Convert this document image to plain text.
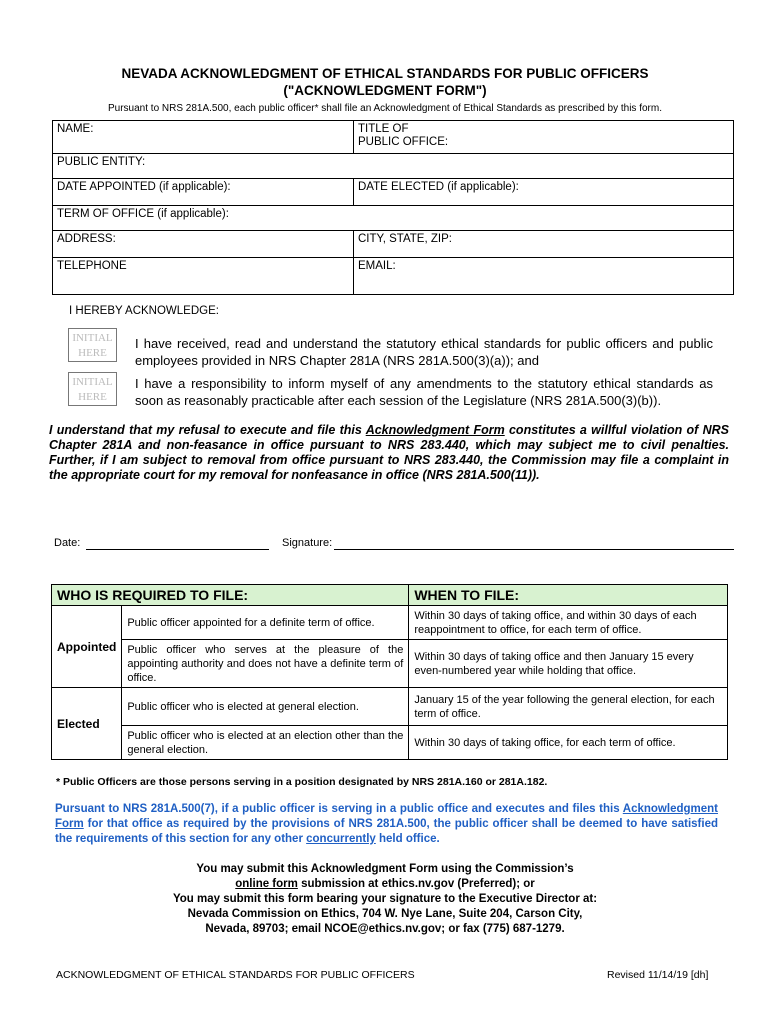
NEVADA ACKNOWLEDGMENT OF ETHICAL STANDARDS FOR PUBLIC OFFICERS
("ACKNOWLEDGMENT FORM")
Pursuant to NRS 281A.500, each public officer* shall file an Acknowledgment of Ethical Standards as prescribed by this form.
NAME:	TITLE OF
PUBLIC OFFICE:

PUBLIC ENTITY:	
DATE APPOINTED (if applicable):	DATE ELECTED (if applicable):
TERM OF OFFICE (if applicable):	
ADDRESS:	CITY, STATE, ZIP:
TELEPHONE	EMAIL:
I HEREBY ACKNOWLEDGE:
INITIAL
HERE
I have received, read and understand the statutory ethical standards for public officers and public employees provided in NRS Chapter 281A (NRS 281A.500(3)(a)); and
INITIAL
HERE
I have a responsibility to inform myself of any amendments to the statutory ethical standards as soon as reasonably practicable after each session of the Legislature (NRS 281A.500(3)(b)).
I understand that my refusal to execute and file this Acknowledgment Form constitutes a willful violation of NRS Chapter 281A and non-feasance in office pursuant to NRS 283.440, which may subject me to civil penalties. Further, if I am subject to removal from office pursuant to NRS 283.440, the Commission may file a complaint in the appropriate court for my removal for nonfeasance in office (NRS 281A.500(11)).
Date:	Signature:
WHO IS REQUIRED TO FILE:		WHEN TO FILE:
Appointed	Public officer appointed for a definite term of office.	Within 30 days of taking office, and within 30 days of each reappointment to office, for each term of office.
	Public officer who serves at the pleasure of the appointing authority and does not have a definite term of office.	Within 30 days of taking office and then January 15 every even-numbered year while holding that office.
Elected	Public officer who is elected at general election.	January 15 of the year following the general election, for each term of office.
	Public officer who is elected at an election other than the general election.	Within 30 days of taking office, for each term of office.
* Public Officers are those persons serving in a position designated by NRS 281A.160 or 281A.182.
Pursuant to NRS 281A.500(7), if a public officer is serving in a public office and executes and files this Acknowledgment Form for that office as required by the provisions of NRS 281A.500, the public officer shall be deemed to have satisfied the requirements of this section for any other concurrently held office.
You may submit this Acknowledgment Form using the Commission’s
online form submission at ethics.nv.gov (Preferred); or
You may submit this form bearing your signature to the Executive Director at:
Nevada Commission on Ethics, 704 W. Nye Lane, Suite 204, Carson City,
Nevada, 89703; email NCOE@ethics.nv.gov; or fax (775) 687-1279.
ACKNOWLEDGMENT OF ETHICAL STANDARDS FOR PUBLIC OFFICERS	Revised 11/14/19 [dh]
